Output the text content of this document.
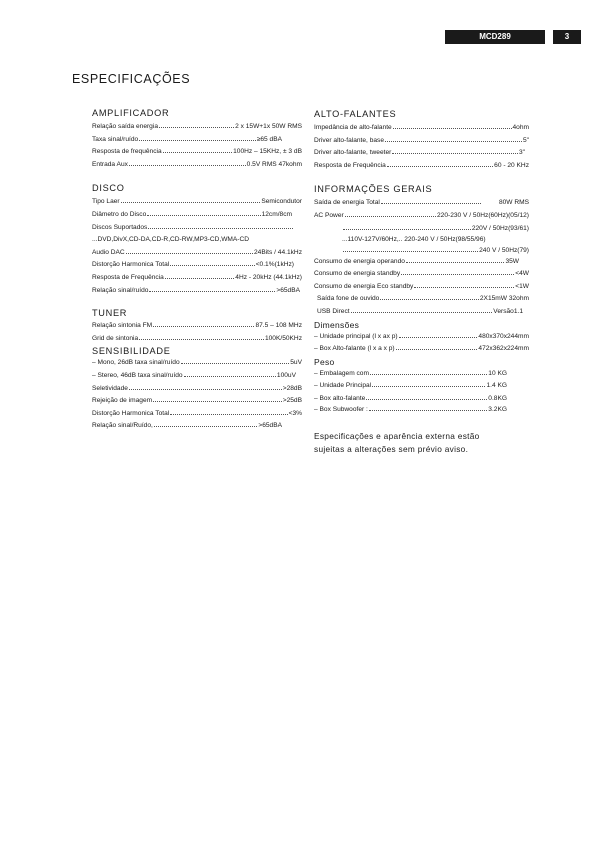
MCD289	3
ESPECIFICAÇÕES
AMPLIFICADOR
Relação saída energia	2 x 15W+1x 50W RMS
Taxa sinal/ruído	≥65 dBA
Resposta de frequência	100Hz – 15KHz, ± 3 dB
Entrada Aux	0.5V RMS 47kohm
DISCO
Tipo Laer	Semicondutor
Diâmetro do Disco	12cm/8cm
Discos Suportados
...DVD,DivX,CD-DA,CD-R,CD-RW,MP3-CD,WMA-CD
Audio DAC	24Bits / 44.1kHz
Distorção Harmonica Total	<0.1%(1kHz)
Resposta de Frequência	4Hz - 20kHz (44.1kHz)
Relação sinal/ruído	>65dBA
TUNER
Relação sintonia FM	87.5 – 108 MHz
Grid de sintonia	100K/50KHz
SENSIBILIDADE
– Mono, 26dB taxa sinal/ruído	5uV
– Stereo, 46dB taxa sinal/ruído	100uV
Seletividade	>28dB
Rejeição de imagem	>25dB
Distorção Harmonica Total	<3%
Relação sinal/Ruído,	>65dBA
ALTO-FALANTES
Impedância de alto-falante	4ohm
Driver alto-falante, base	5"
Driver alto-falante, tweeter	3"
Resposta de Frequência	60 - 20 KHz
INFORMAÇÕES GERAIS
Saída de energia Total	80W RMS
AC Power	220-230 V / 50Hz(60Hz)(05/12)
220V / 50Hz(93/61)
...110V-127V/60Hz,.. 220-240 V / 50Hz(98/55/96)
240 V / 50Hz(79)
Consumo de energia operando	35W
Consumo de energia standby	<4W
Consumo de energia Eco standby	<1W
Saída fone de ouvido	2X15mW 32ohm
USB Direct	Versão1.1
Dimensões
– Unidade principal (l x ax p)	480x370x244mm
– Box Alto-falante (l x a x p)	472x362x224mm
Peso
– Embalagem com	10 KG
– Unidade Principal	1.4 KG
– Box alto-falante	0.8KG
– Box Subwoofer :	3.2KG
Especificações e aparência externa estão
sujeitas a alterações sem prévio aviso.
